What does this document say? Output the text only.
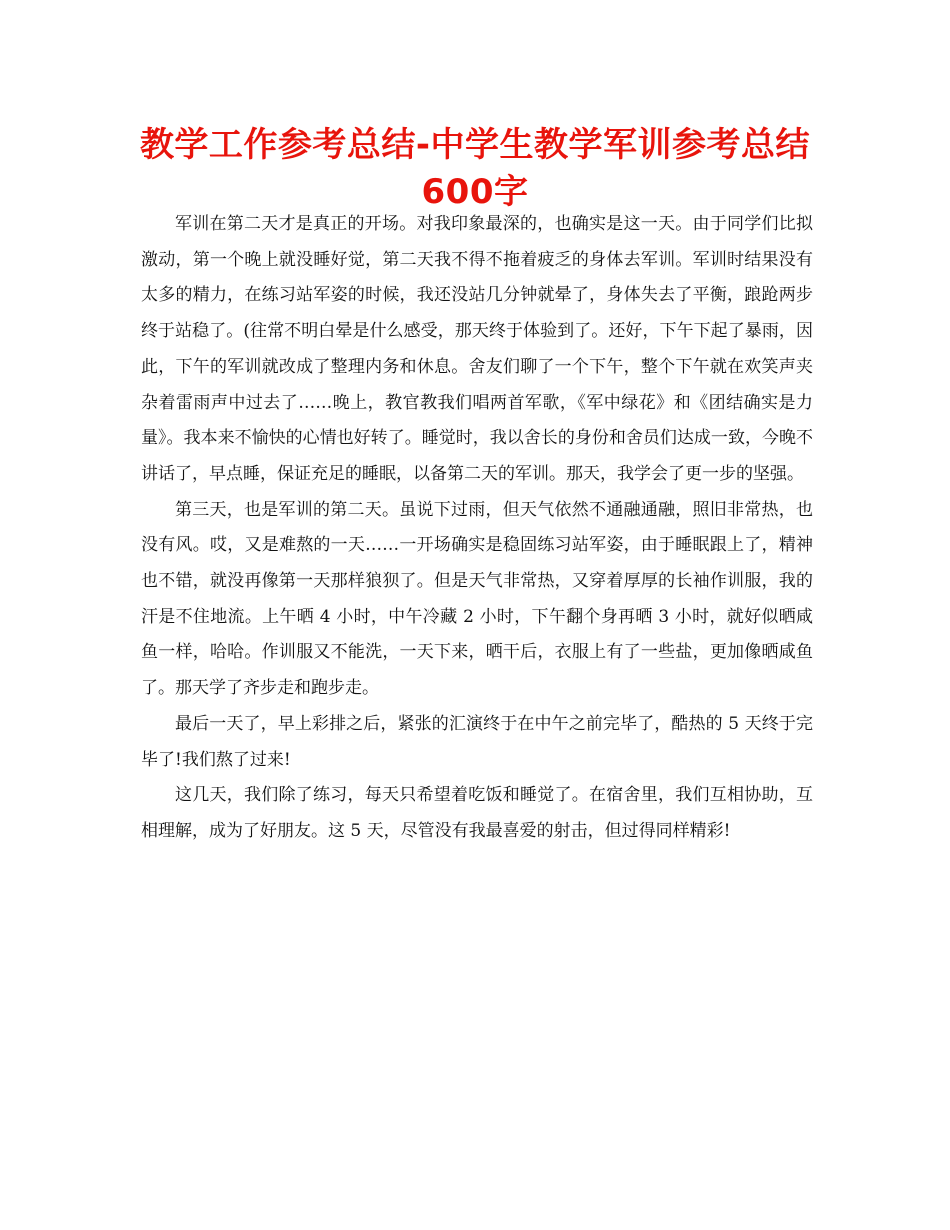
教学工作参考总结-中学生教学军训参考总结600字

军训在第二天才是真正的开场。对我印象最深的，也确实是这一天。由于同学们比拟激动，第一个晚上就没睡好觉，第二天我不得不拖着疲乏的身体去军训。军训时结果没有太多的精力，在练习站军姿的时候，我还没站几分钟就晕了，身体失去了平衡，踉跄两步终于站稳了。(往常不明白晕是什么感受，那天终于体验到了。还好，下午下起了暴雨，因此，下午的军训就改成了整理内务和休息。舍友们聊了一个下午，整个下午就在欢笑声夹杂着雷雨声中过去了……晚上，教官教我们唱两首军歌，《军中绿花》和《团结确实是力量》。我本来不愉快的心情也好转了。睡觉时，我以舍长的身份和舍员们达成一致，今晚不讲话了，早点睡，保证充足的睡眠，以备第二天的军训。那天，我学会了更一步的坚强。

第三天，也是军训的第二天。虽说下过雨，但天气依然不通融通融，照旧非常热，也没有风。哎，又是难熬的一天……一开场确实是稳固练习站军姿，由于睡眠跟上了，精神也不错，就没再像第一天那样狼狈了。但是天气非常热，又穿着厚厚的长袖作训服，我的汗是不住地流。上午晒 4 小时，中午冷藏 2 小时，下午翻个身再晒 3 小时，就好似晒咸鱼一样，哈哈。作训服又不能洗，一天下来，晒干后，衣服上有了一些盐，更加像晒咸鱼了。那天学了齐步走和跑步走。

最后一天了，早上彩排之后，紧张的汇演终于在中午之前完毕了，酷热的 5 天终于完毕了!我们熬了过来!

这几天，我们除了练习，每天只希望着吃饭和睡觉了。在宿舍里，我们互相协助，互相理解，成为了好朋友。这 5 天，尽管没有我最喜爱的射击，但过得同样精彩!
